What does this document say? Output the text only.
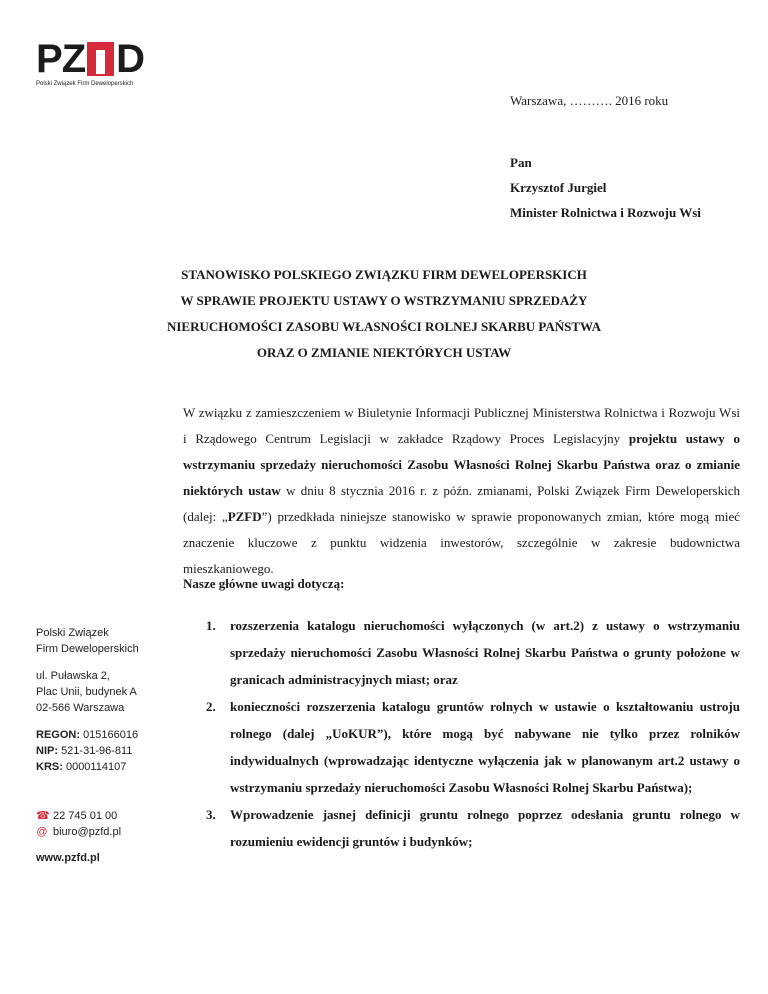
P Z D
Polski Związek Firm Deweloperskich
Warszawa, ………. 2016 roku
Pan
Krzysztof Jurgiel
Minister Rolnictwa i Rozwoju Wsi
STANOWISKO POLSKIEGO ZWIĄZKU FIRM DEWELOPERSKICH
W SPRAWIE PROJEKTU USTAWY O WSTRZYMANIU SPRZEDAŻY
NIERUCHOMOŚCI ZASOBU WŁASNOŚCI ROLNEJ SKARBU PAŃSTWA
ORAZ O ZMIANIE NIEKTÓRYCH USTAW

W związku z zamieszczeniem w Biuletynie Informacji Publicznej Ministerstwa Rolnictwa i Rozwoju Wsi i Rządowego Centrum Legislacji w zakładce Rządowy Proces Legislacyjny projektu ustawy o wstrzymaniu sprzedaży nieruchomości Zasobu Własności Rolnej Skarbu Państwa oraz o zmianie niektórych ustaw w dniu 8 stycznia 2016 r. z późn. zmianami, Polski Związek Firm Deweloperskich (dalej: „PZFD”) przedkłada niniejsze stanowisko w sprawie proponowanych zmian, które mogą mieć znaczenie kluczowe z punktu widzenia inwestorów, szczególnie w zakresie budownictwa mieszkaniowego.

Nasze główne uwagi dotyczą:
1. rozszerzenia katalogu nieruchomości wyłączonych (w art.2) z ustawy o wstrzymaniu sprzedaży nieruchomości Zasobu Własności Rolnej Skarbu Państwa o grunty położone w granicach administracyjnych miast; oraz
2. konieczności rozszerzenia katalogu gruntów rolnych w ustawie o kształtowaniu ustroju rolnego (dalej „UoKUR”), które mogą być nabywane nie tylko przez rolników indywidualnych (wprowadzając identyczne wyłączenia jak w planowanym art.2 ustawy o wstrzymaniu sprzedaży nieruchomości Zasobu Własności Rolnej Skarbu Państwa);
3. Wprowadzenie jasnej definicji gruntu rolnego poprzez odesłania gruntu rolnego w rozumieniu ewidencji gruntów i budynków;
Polski Związek
Firm Deweloperskich
ul. Puławska 2,
Plac Unii, budynek A
02-566 Warszawa
REGON: 015166016
NIP: 521-31-96-811
KRS: 0000114107
☎ 22 745 01 00
@ biuro@pzfd.pl
www.pzfd.pl
